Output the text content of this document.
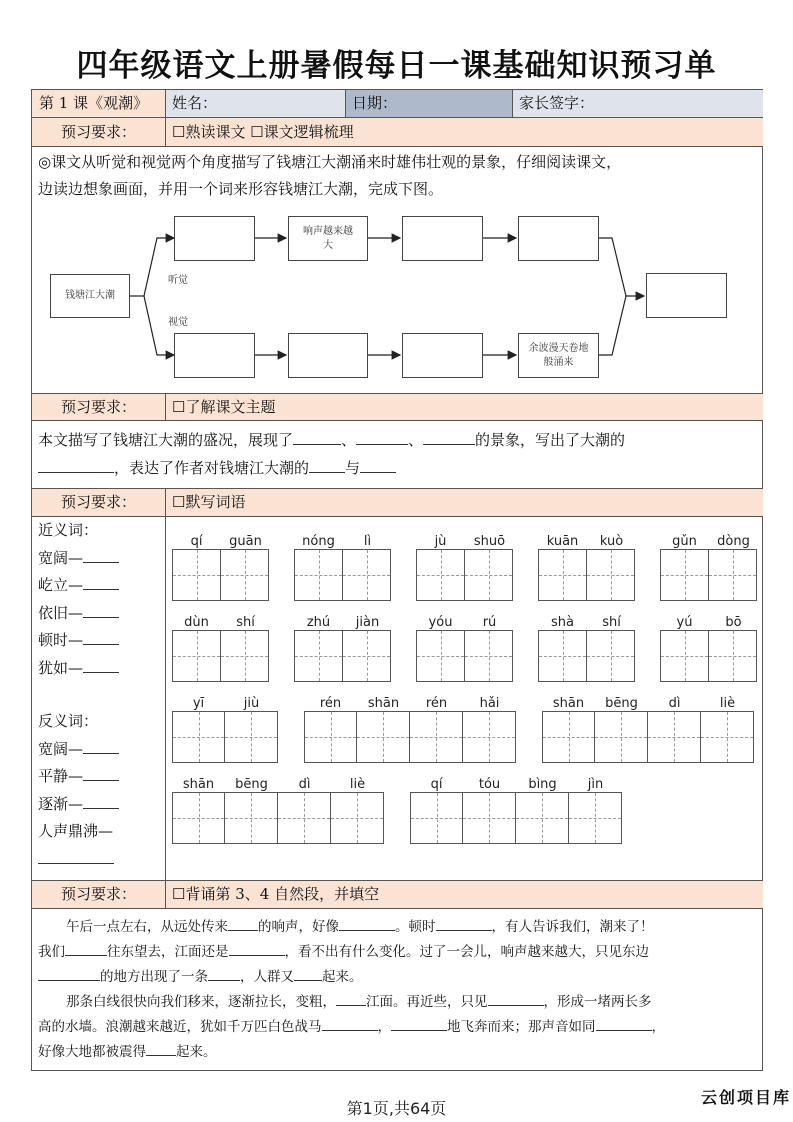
四年级语文上册暑假每日一课基础知识预习单
第 1 课《观潮》	姓名：	日期：	家长签字：
预习要求：	☐熟读课文 ☐课文逻辑梳理
◎课文从听觉和视觉两个角度描写了钱塘江大潮涌来时雄伟壮观的景象，仔细阅读课文，
边读边想象画面，并用一个词来形容钱塘江大潮，完成下图。
钱塘江大潮
听觉
视觉
响声越来越大
余波漫天卷地般涌来
预习要求：	☐了解课文主题
本文描写了钱塘江大潮的盛况，展现了	、	、	的景象，写出了大潮的
，表达了作者对钱塘江大潮的 与
预习要求：	☐默写词语
近义词：
宽阔—
屹立—
依旧—
顿时—
犹如—
反义词：
宽阔—
平静—
逐渐—
人声鼎沸—
qí	guān	nóng	lì	jù	shuō	kuān	kuò	gǔn	dòng
dùn	shí	zhú	jiàn	yóu	rú	shà	shí	yú	bō
yī	jiù	rén	shān	rén	hǎi	shān	bēng	dì	liè
shān	bēng	dì	liè	qí	tóu	bìng	jìn
预习要求：	☐背诵第 3、4 自然段，并填空
午后一点左右，从远处传来 的响声，好像	。顿时	，有人告诉我们，潮来了！
我们	往东望去，江面还是	，看不出有什么变化。过了一会儿，响声越来越大，只见东边
的地方出现了一条 ，人群又 起来。
那条白线很快向我们移来，逐渐拉长，变粗， 江面。再近些，只见	，形成一堵两长多
高的水墙。浪潮越来越近，犹如千万匹白色战马	，	地飞奔而来；那声音如同	，
好像大地都被震得 起来。
第1页,共64页
云创项目库
